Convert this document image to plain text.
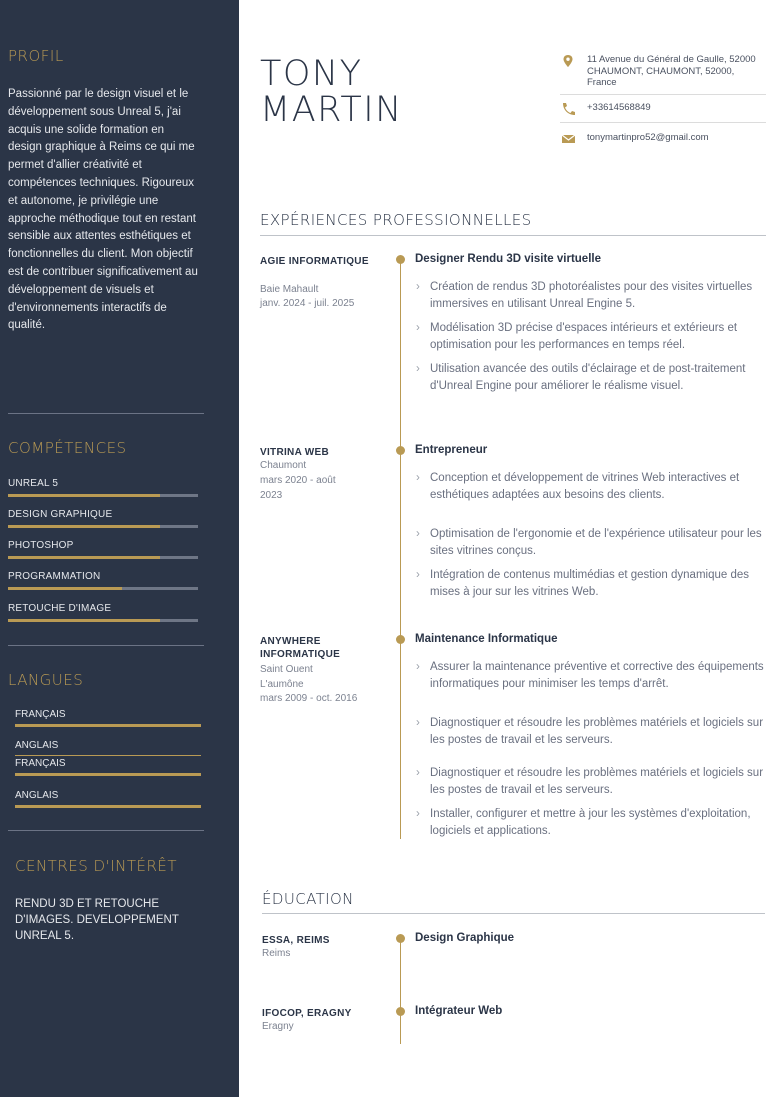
PROFIL
Passionné par le design visuel et le développement sous Unreal 5, j'ai acquis une solide formation en design graphique à Reims ce qui me permet d'allier créativité et compétences techniques. Rigoureux et autonome, je privilégie une approche méthodique tout en restant sensible aux attentes esthétiques et fonctionnelles du client. Mon objectif est de contribuer significativement au développement de visuels et d'environnements interactifs de qualité.
COMPÉTENCES
UNREAL 5
DESIGN GRAPHIQUE
PHOTOSHOP
PROGRAMMATION
RETOUCHE D'IMAGE
LANGUES
FRANÇAIS
ANGLAIS
FRANÇAIS
ANGLAIS
CENTRES D'INTÉRÊT
RENDU 3D ET RETOUCHE D'IMAGES. DEVELOPPEMENT UNREAL 5.
TONY
MARTIN
11 Avenue du Général de Gaulle, 52000 CHAUMONT, CHAUMONT, 52000, France
+33614568849
tonymartinpro52@gmail.com
EXPÉRIENCES PROFESSIONNELLES
AGIE INFORMATIQUE
Baie Mahault
janv. 2024 - juil. 2025
Designer Rendu 3D visite virtuelle
› Création de rendus 3D photoréalistes pour des visites virtuelles immersives en utilisant Unreal Engine 5.
› Modélisation 3D précise d'espaces intérieurs et extérieurs et optimisation pour les performances en temps réel.
› Utilisation avancée des outils d'éclairage et de post-traitement d'Unreal Engine pour améliorer le réalisme visuel.
VITRINA WEB
Chaumont
mars 2020 - août 2023
Entrepreneur
› Conception et développement de vitrines Web interactives et esthétiques adaptées aux besoins des clients.
› Optimisation de l'ergonomie et de l'expérience utilisateur pour les sites vitrines conçus.
› Intégration de contenus multimédias et gestion dynamique des mises à jour sur les vitrines Web.
ANYWHERE INFORMATIQUE
Saint Ouent L'aumône
mars 2009 - oct. 2016
Maintenance Informatique
› Assurer la maintenance préventive et corrective des équipements informatiques pour minimiser les temps d'arrêt.
› Diagnostiquer et résoudre les problèmes matériels et logiciels sur les postes de travail et les serveurs.
› Diagnostiquer et résoudre les problèmes matériels et logiciels sur les postes de travail et les serveurs.
› Installer, configurer et mettre à jour les systèmes d'exploitation, logiciels et applications.
ÉDUCATION
ESSA, REIMS
Reims
Design Graphique
IFOCOP, ERAGNY
Eragny
Intégrateur Web
